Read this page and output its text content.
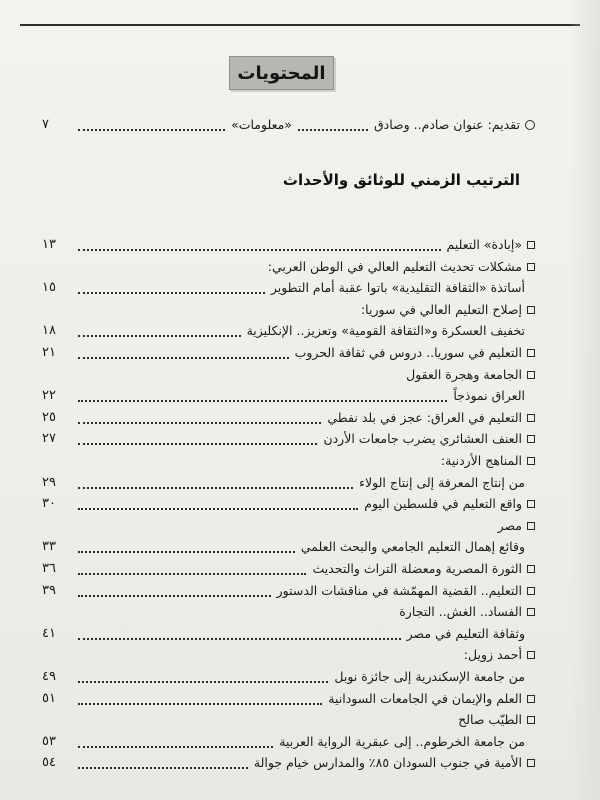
المحتويات
تقديم: عنوان صادم.. وصادق
«معلومات»
٧
الترتيب الزمني للوثائق والأحداث
«إبادة» التعليم
١٣
مشكلات تحديث التعليم العالي في الوطن العربي:
أساتذة «الثقافة التقليدية» باتوا عقبة أمام التطوير
١٥
إصلاح التعليم العالي في سوريا:
تخفيف العسكرة و«الثقافة القومية» وتعزيز.. الإنكليزية
١٨
التعليم في سوريا.. دروس في ثقافة الحروب
٢١
الجامعة وهجرة العقول
العراق نموذجاً
٢٢
التعليم في العراق: عجز في بلد نفطي
٢٥
العنف العشائري يضرب جامعات الأردن
٢٧
المناهج الأردنية:
من إنتاج المعرفة إلى إنتاج الولاء
٢٩
واقع التعليم في فلسطين اليوم
٣٠
مصر
وقائع إهمال التعليم الجامعي والبحث العلمي
٣٣
الثورة المصرية ومعضلة التراث والتحديث
٣٦
التعليم.. القضية المهمّشة في مناقشات الدستور
٣٩
الفساد.. الغش.. التجارة
وثقافة التعليم في مصر
٤١
أحمد زويل:
من جامعة الإسكندرية إلى جائزة نوبل
٤٩
العلم والإيمان في الجامعات السودانية
٥١
الطيّب صالح
من جامعة الخرطوم.. إلى عبقرية الرواية العربية
٥٣
الأمية في جنوب السودان ٨٥٪ والمدارس خيام جوالة
٥٤
